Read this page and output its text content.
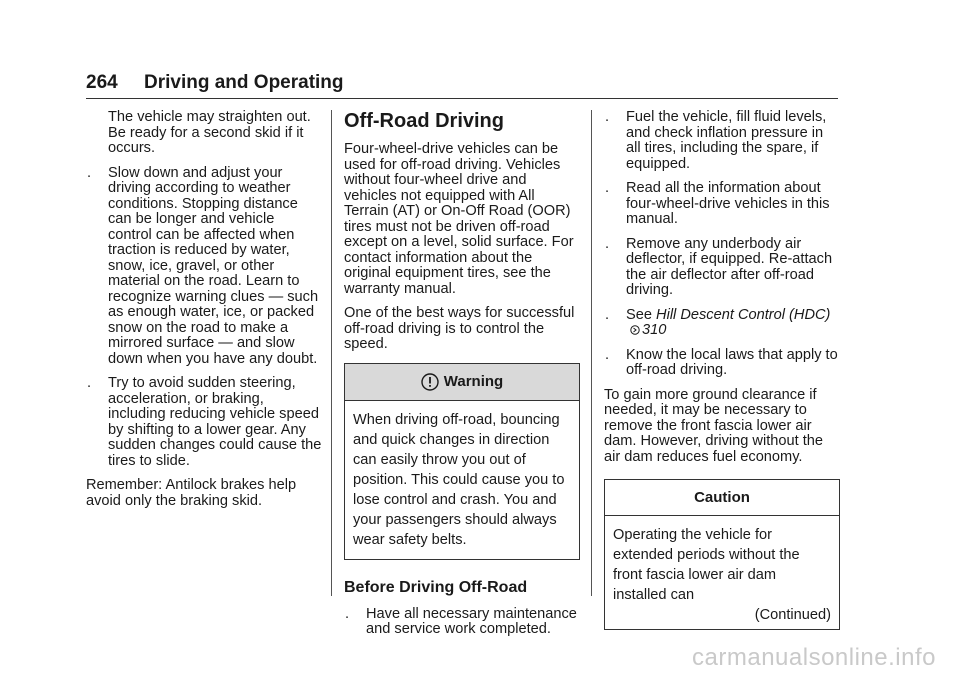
264 Driving and Operating

The vehicle may straighten out. Be ready for a second skid if it occurs.

. Slow down and adjust your driving according to weather conditions. Stopping distance can be longer and vehicle control can be affected when traction is reduced by water, snow, ice, gravel, or other material on the road. Learn to recognize warning clues — such as enough water, ice, or packed snow on the road to make a mirrored surface — and slow down when you have any doubt.
. Try to avoid sudden steering, acceleration, or braking, including reducing vehicle speed by shifting to a lower gear. Any sudden changes could cause the tires to slide.

Remember: Antilock brakes help avoid only the braking skid.

Off-Road Driving

Four-wheel-drive vehicles can be used for off-road driving. Vehicles without four-wheel drive and vehicles not equipped with All Terrain (AT) or On-Off Road (OOR) tires must not be driven off-road except on a level, solid surface. For contact information about the original equipment tires, see the warranty manual.

One of the best ways for successful off-road driving is to control the speed.

Warning
When driving off-road, bouncing and quick changes in direction can easily throw you out of position. This could cause you to lose control and crash. You and your passengers should always wear safety belts.
Before Driving Off-Road
. Have all necessary maintenance and service work completed.
. Fuel the vehicle, fill fluid levels, and check inflation pressure in all tires, including the spare, if equipped.
. Read all the information about four-wheel-drive vehicles in this manual.
. Remove any underbody air deflector, if equipped. Re-attach the air deflector after off-road driving.
. See Hill Descent Control (HDC) 310
. Know the local laws that apply to off-road driving.

To gain more ground clearance if needed, it may be necessary to remove the front fascia lower air dam. However, driving without the air dam reduces fuel economy.

Caution
Operating the vehicle for extended periods without the front fascia lower air dam installed can
(Continued)
carmanualsonline.info
